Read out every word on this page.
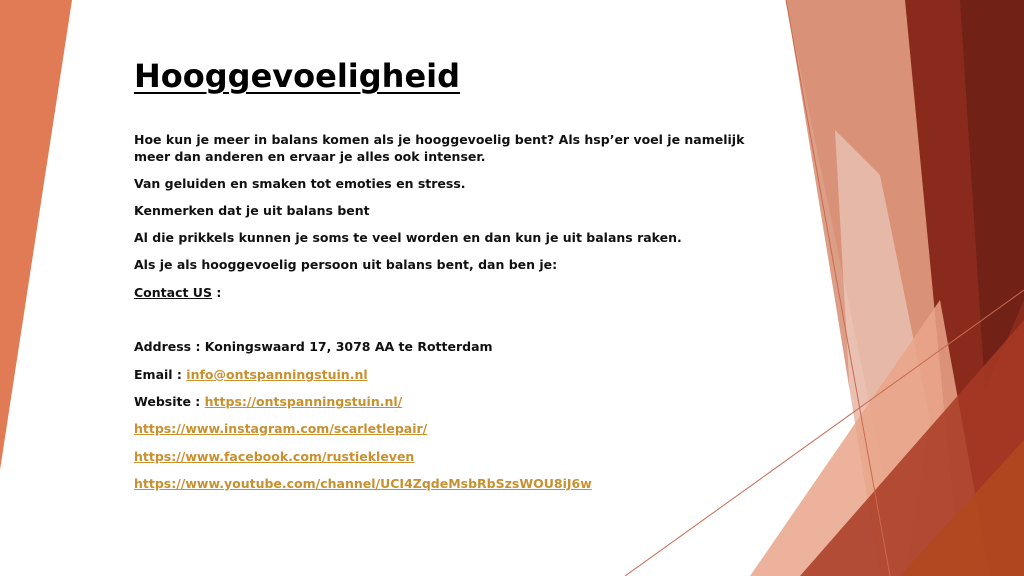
Hooggevoeligheid

Hoe kun je meer in balans komen als je hooggevoelig bent? Als hsp’er voel je namelijk meer dan anderen en ervaar je alles ook intenser.

Van geluiden en smaken tot emoties en stress.

Kenmerken dat je uit balans bent

Al die prikkels kunnen je soms te veel worden en dan kun je uit balans raken.

Als je als hooggevoelig persoon uit balans bent, dan ben je:

Contact US :

Address : Koningswaard 17, 3078 AA te Rotterdam

Email : info@ontspanningstuin.nl

Website : https://ontspanningstuin.nl/

https://www.instagram.com/scarletlepair/

https://www.facebook.com/rustiekleven

https://www.youtube.com/channel/UCI4ZqdeMsbRbSzsWOU8iJ6w
